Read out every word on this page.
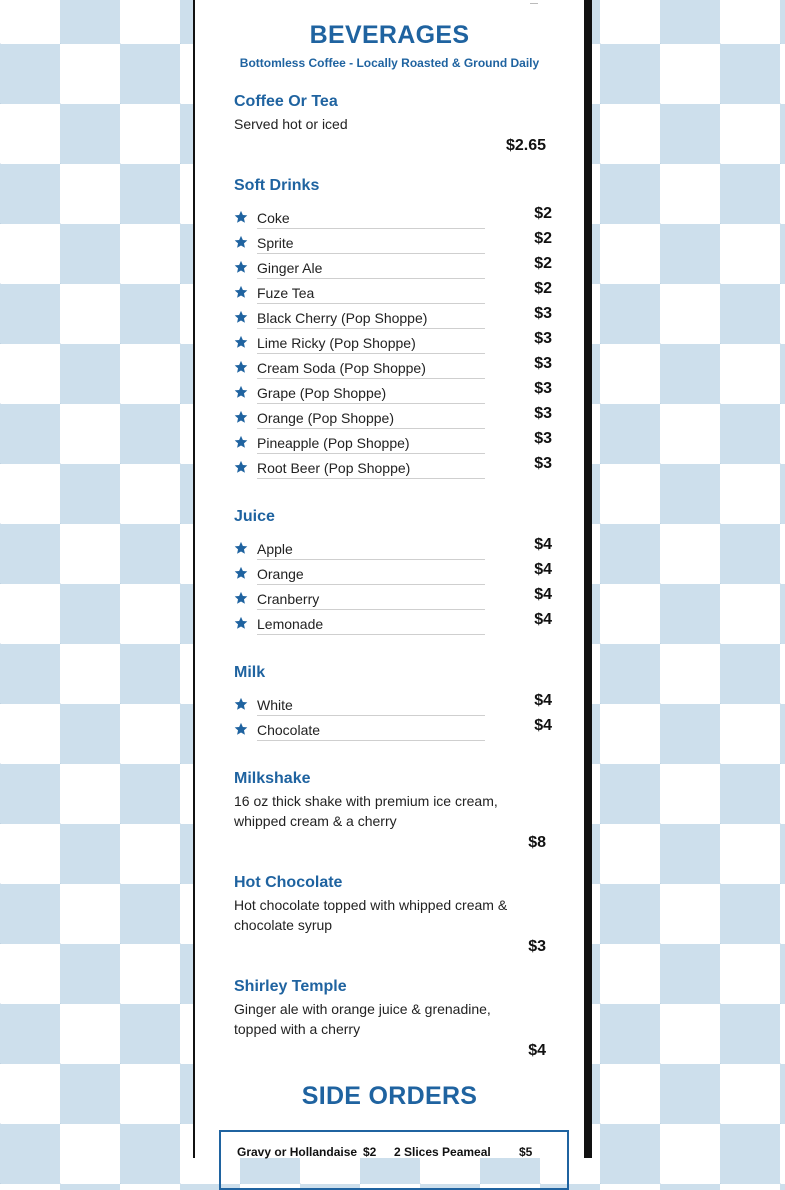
BEVERAGES
Bottomless Coffee - Locally Roasted & Ground Daily
Coffee Or Tea
Served hot or iced
$2.65
Soft Drinks
Coke	$2
Sprite	$2
Ginger Ale	$2
Fuze Tea	$2
Black Cherry (Pop Shoppe)	$3
Lime Ricky (Pop Shoppe)	$3
Cream Soda (Pop Shoppe)	$3
Grape (Pop Shoppe)	$3
Orange (Pop Shoppe)	$3
Pineapple (Pop Shoppe)	$3
Root Beer (Pop Shoppe)	$3
Juice
Apple	$4
Orange	$4
Cranberry	$4
Lemonade	$4
Milk
White	$4
Chocolate	$4
Milkshake
16 oz thick shake with premium ice cream, whipped cream & a cherry
$8
Hot Chocolate
Hot chocolate topped with whipped cream & chocolate syrup
$3
Shirley Temple
Ginger ale with orange juice & grenadine, topped with a cherry
$4
SIDE ORDERS
Gravy or Hollandaise $2 2 Slices Peameal $5
